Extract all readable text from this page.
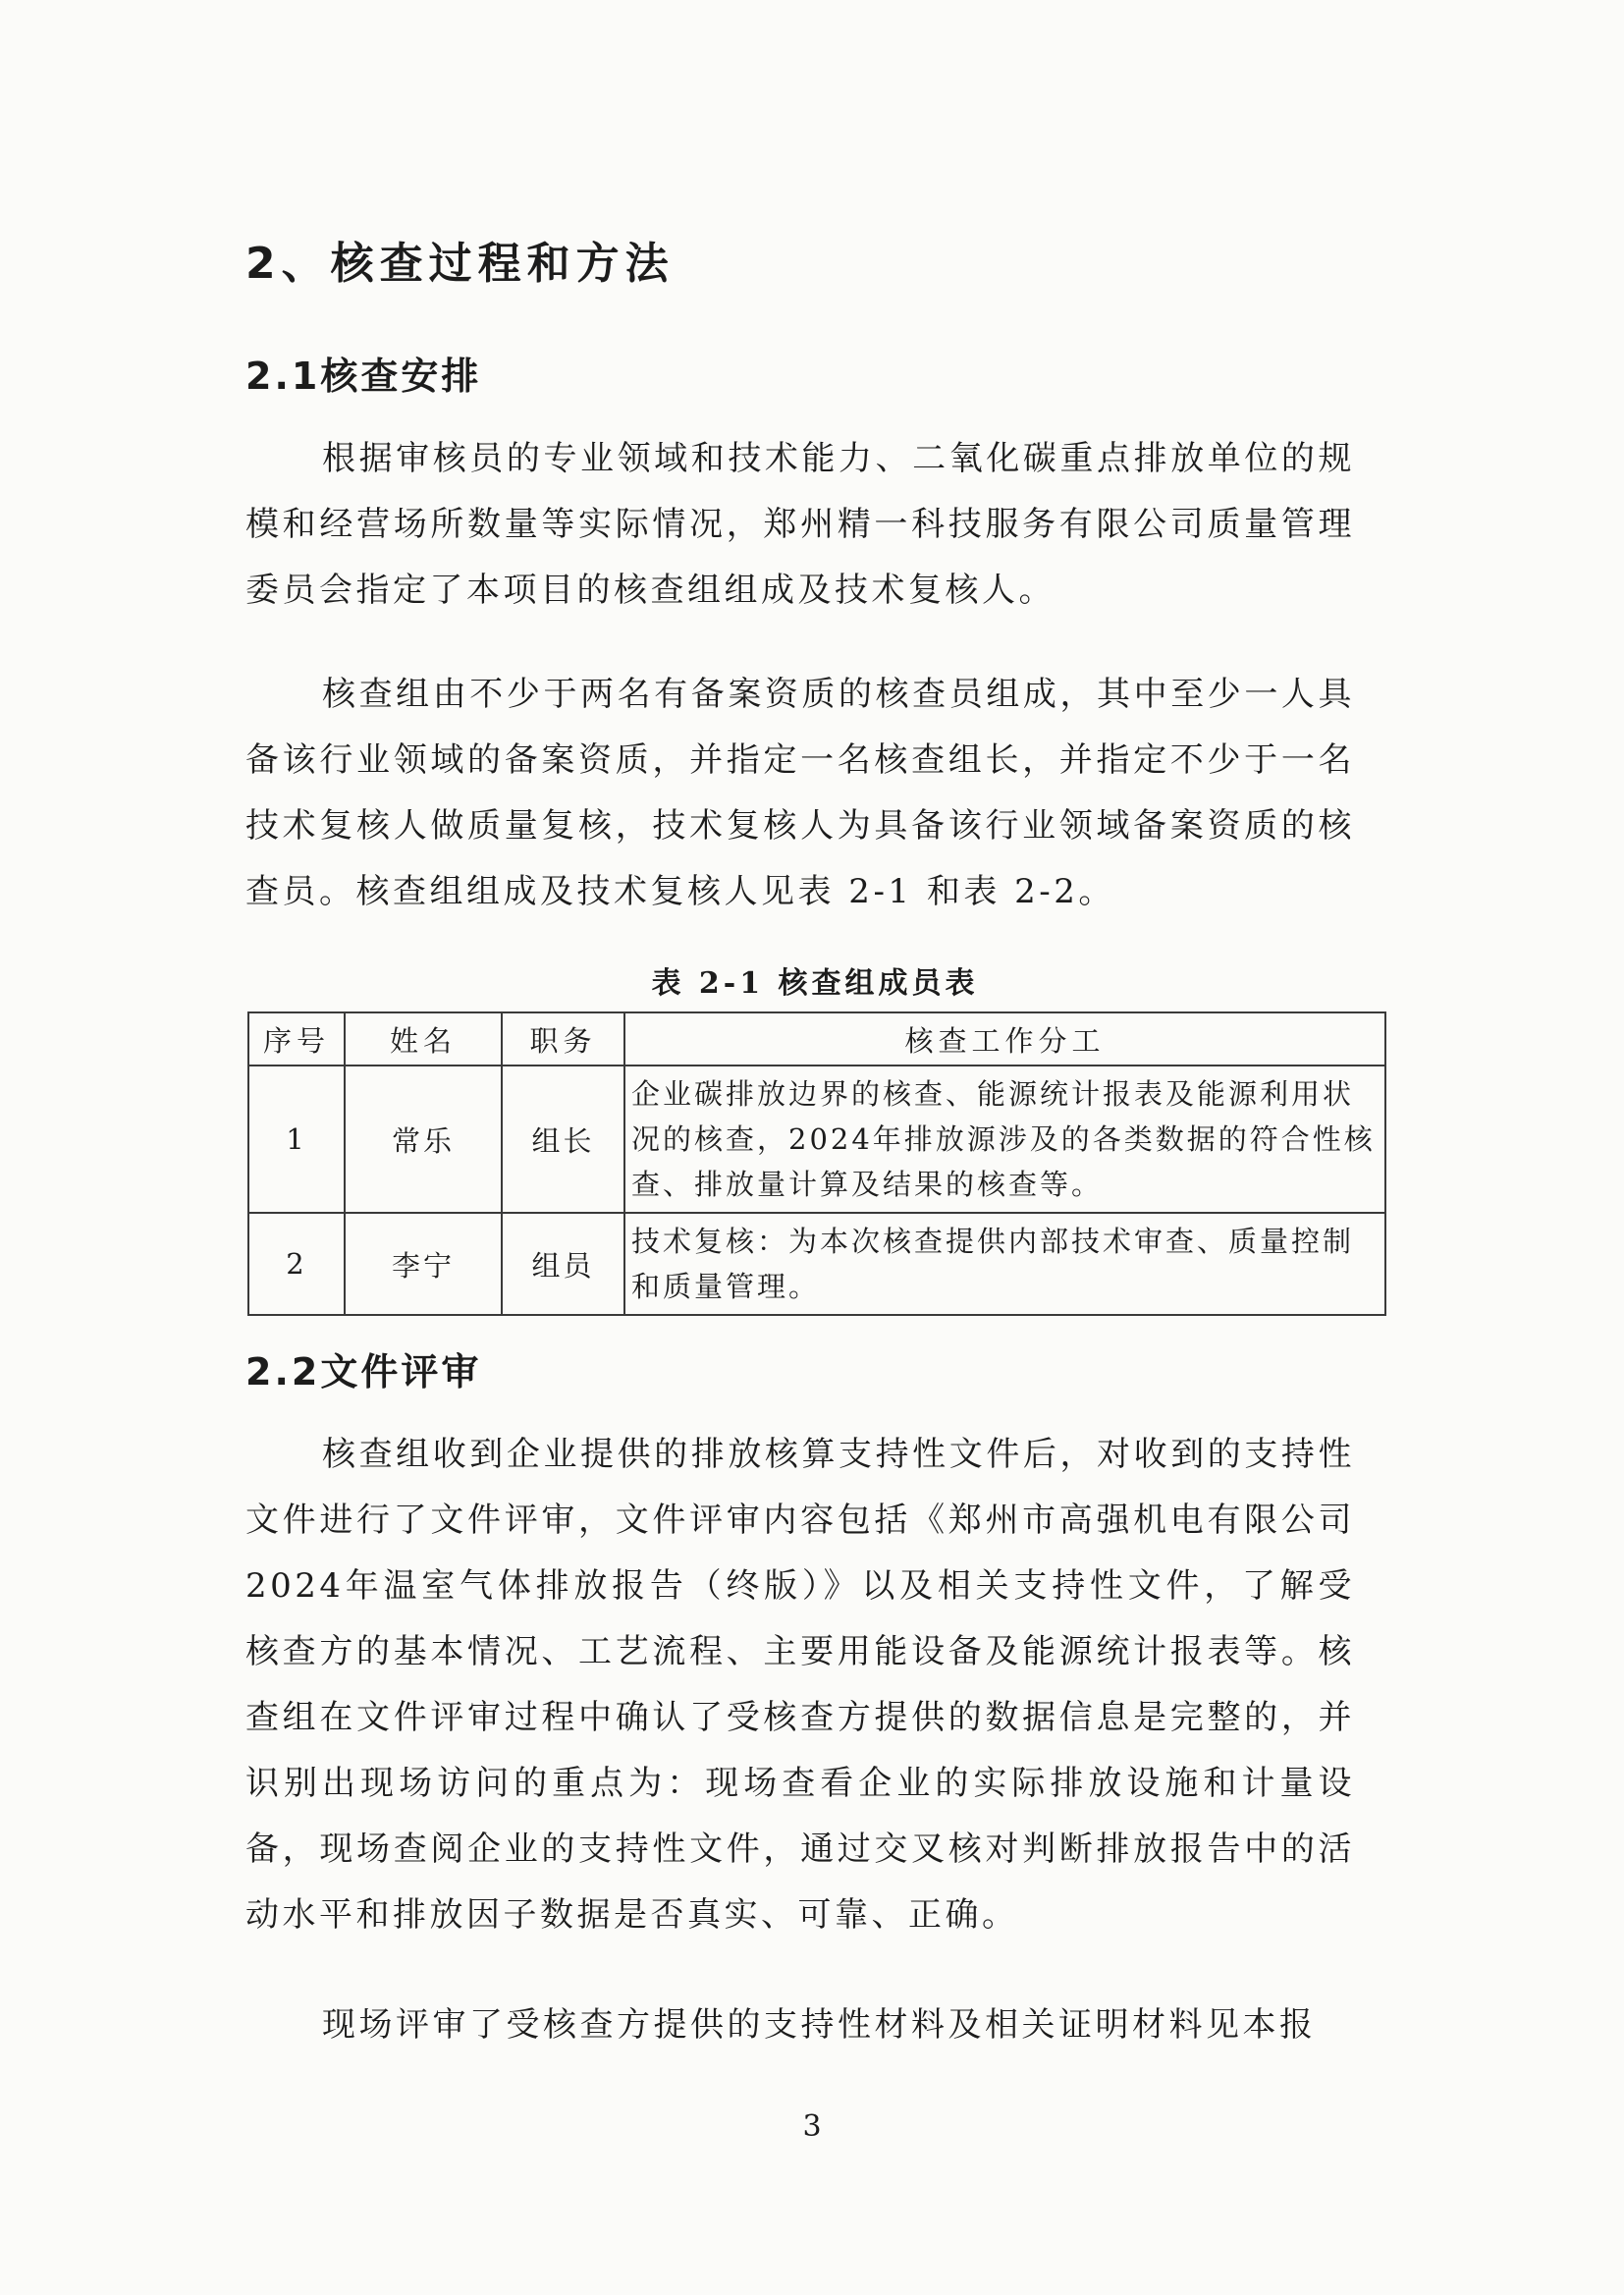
2、核查过程和方法
2.1核查安排

根据审核员的专业领域和技术能力、二氧化碳重点排放单位的规模和经营场所数量等实际情况，郑州精一科技服务有限公司质量管理委员会指定了本项目的核查组组成及技术复核人。

核查组由不少于两名有备案资质的核查员组成，其中至少一人具备该行业领域的备案资质，并指定一名核查组长，并指定不少于一名技术复核人做质量复核，技术复核人为具备该行业领域备案资质的核查员。核查组组成及技术复核人见表 2-1 和表 2-2。

表 2-1 核查组成员表
序号	姓名	职务	核查工作分工
1	常乐	组长	企业碳排放边界的核查、能源统计报表及能源利用状况的核查，2024年排放源涉及的各类数据的符合性核查、排放量计算及结果的核查等。
2	李宁	组员	技术复核：为本次核查提供内部技术审查、质量控制和质量管理。
2.2文件评审

核查组收到企业提供的排放核算支持性文件后，对收到的支持性文件进行了文件评审，文件评审内容包括《郑州市高强机电有限公司2024年温室气体排放报告（终版）》以及相关支持性文件，了解受核查方的基本情况、工艺流程、主要用能设备及能源统计报表等。核查组在文件评审过程中确认了受核查方提供的数据信息是完整的，并识别出现场访问的重点为：现场查看企业的实际排放设施和计量设备，现场查阅企业的支持性文件，通过交叉核对判断排放报告中的活动水平和排放因子数据是否真实、可靠、正确。

现场评审了受核查方提供的支持性材料及相关证明材料见本报

3
